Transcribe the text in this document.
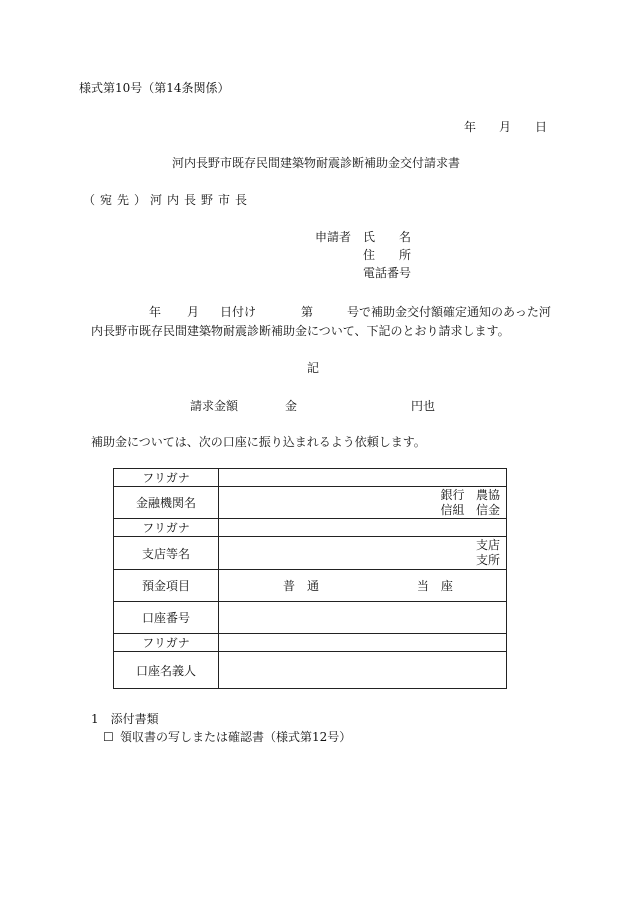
様式第10号（第14条関係）
年 月 日
河内長野市既存民間建築物耐震診断補助金交付請求書
（宛先）
河内長野市長
申請者 氏　　名
住　　所
電話番号
年 月 日付け	第	号で補助金交付額確定通知のあった河
内長野市既存民間建築物耐震診断補助金について、下記のとおり請求します。
記
請求金額	金	円也
補助金については、次の口座に振り込まれるよう依頼します。
フリガナ	
金融機関名	銀行 農協
信組 信金

フリガナ	
支店等名	支店
支所

預金項目	普　通 当　座
口座番号	
フリガナ	
口座名義人	
1　添付書類
☐ 領収書の写しまたは確認書（様式第12号）
